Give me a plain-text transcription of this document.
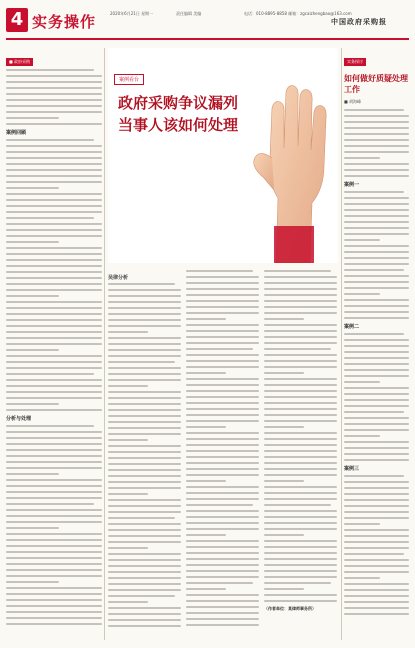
4 实务操作	2020年6月21日 星期一	责任编辑 美编	电话：010-8895-8858 邮箱：zgcaizhengbao@163.com
中国政府采购报
■ 政府采购
案例回顾
分析与处理
案例看台
政府采购争议漏列当事人该如何处理
吴律分析
（作者单位：某律师事务所）
实务探讨
如何做好质疑处理工作
■ 胡海峰
案例一
案例二
案例三
